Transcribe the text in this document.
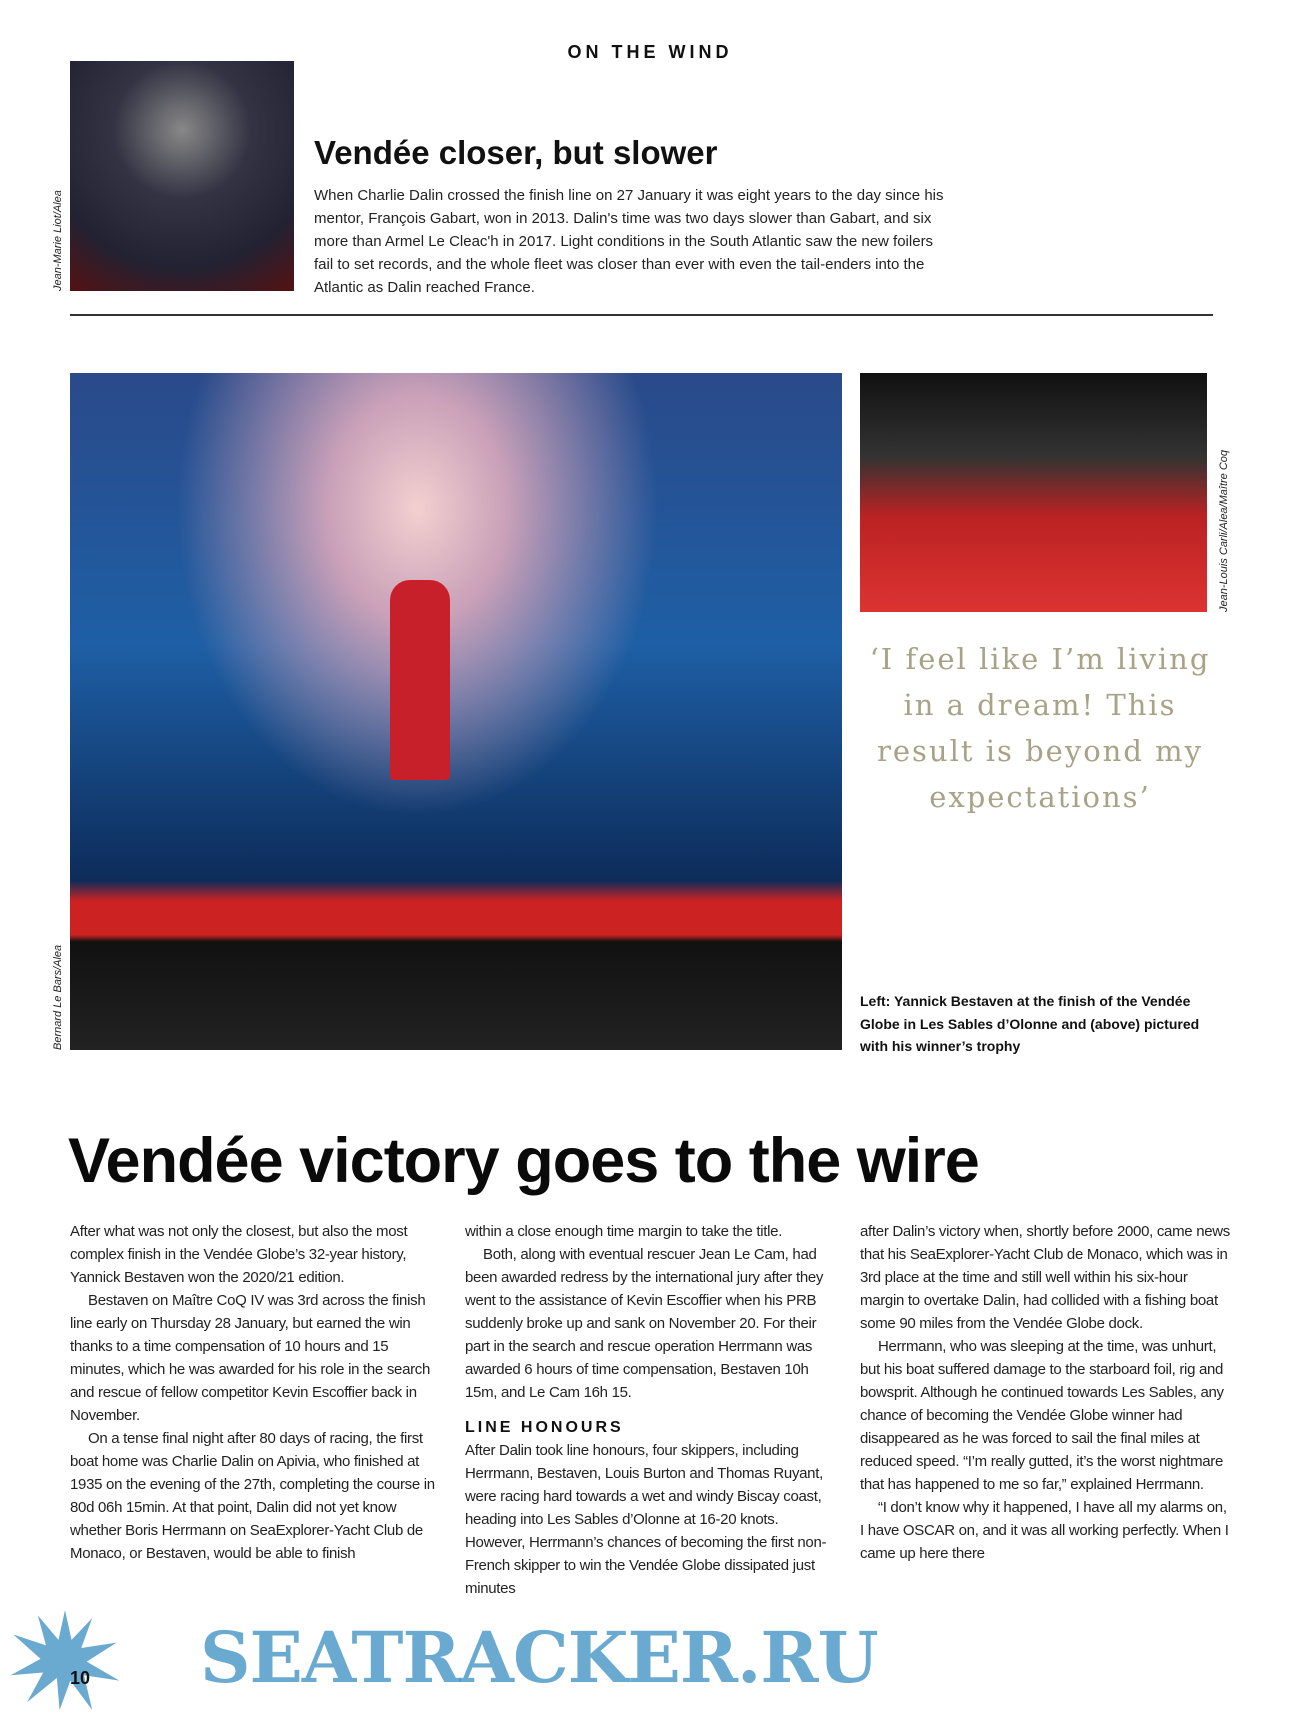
ON THE WIND
Jean-Marie Liot/Alea
Vendée closer, but slower
When Charlie Dalin crossed the finish line on 27 January it was eight years to the day since his mentor, François Gabart, won in 2013. Dalin's time was two days slower than Gabart, and six more than Armel Le Cleac'h in 2017. Light conditions in the South Atlantic saw the new foilers fail to set records, and the whole fleet was closer than ever with even the tail-enders into the Atlantic as Dalin reached France.
Bernard Le Bars/Alea
Jean-Louis Carli/Alea/Maître Coq
‘I feel like I’m living in a dream! This result is beyond my expectations’
Left: Yannick Bestaven at the finish of the Vendée Globe in Les Sables d’Olonne and (above) pictured with his winner’s trophy
Vendée victory goes to the wire

After what was not only the closest, but also the most complex finish in the Vendée Globe’s 32-year history, Yannick Bestaven won the 2020/21 edition.

Bestaven on Maître CoQ IV was 3rd across the finish line early on Thursday 28 January, but earned the win thanks to a time compensation of 10 hours and 15 minutes, which he was awarded for his role in the search and rescue of fellow competitor Kevin Escoffier back in November.

On a tense final night after 80 days of racing, the first boat home was Charlie Dalin on Apivia, who finished at 1935 on the evening of the 27th, completing the course in 80d 06h 15min. At that point, Dalin did not yet know whether Boris Herrmann on SeaExplorer-Yacht Club de Monaco, or Bestaven, would be able to finish

within a close enough time margin to take the title.

Both, along with eventual rescuer Jean Le Cam, had been awarded redress by the international jury after they went to the assistance of Kevin Escoffier when his PRB suddenly broke up and sank on November 20. For their part in the search and rescue operation Herrmann was awarded 6 hours of time compensation, Bestaven 10h 15m, and Le Cam 16h 15.

LINE HONOURS

After Dalin took line honours, four skippers, including Herrmann, Bestaven, Louis Burton and Thomas Ruyant, were racing hard towards a wet and windy Biscay coast, heading into Les Sables d’Olonne at 16-20 knots. However, Herrmann’s chances of becoming the first non-French skipper to win the Vendée Globe dissipated just minutes

after Dalin’s victory when, shortly before 2000, came news that his SeaExplorer-Yacht Club de Monaco, which was in 3rd place at the time and still well within his six-hour margin to overtake Dalin, had collided with a fishing boat some 90 miles from the Vendée Globe dock.

Herrmann, who was sleeping at the time, was unhurt, but his boat suffered damage to the starboard foil, rig and bowsprit. Although he continued towards Les Sables, any chance of becoming the Vendée Globe winner had disappeared as he was forced to sail the final miles at reduced speed. “I’m really gutted, it’s the worst nightmare that has happened to me so far,” explained Herrmann.

“I don’t know why it happened, I have all my alarms on, I have OSCAR on, and it was all working perfectly. When I came up here there

10 SEATRACKER.RU
